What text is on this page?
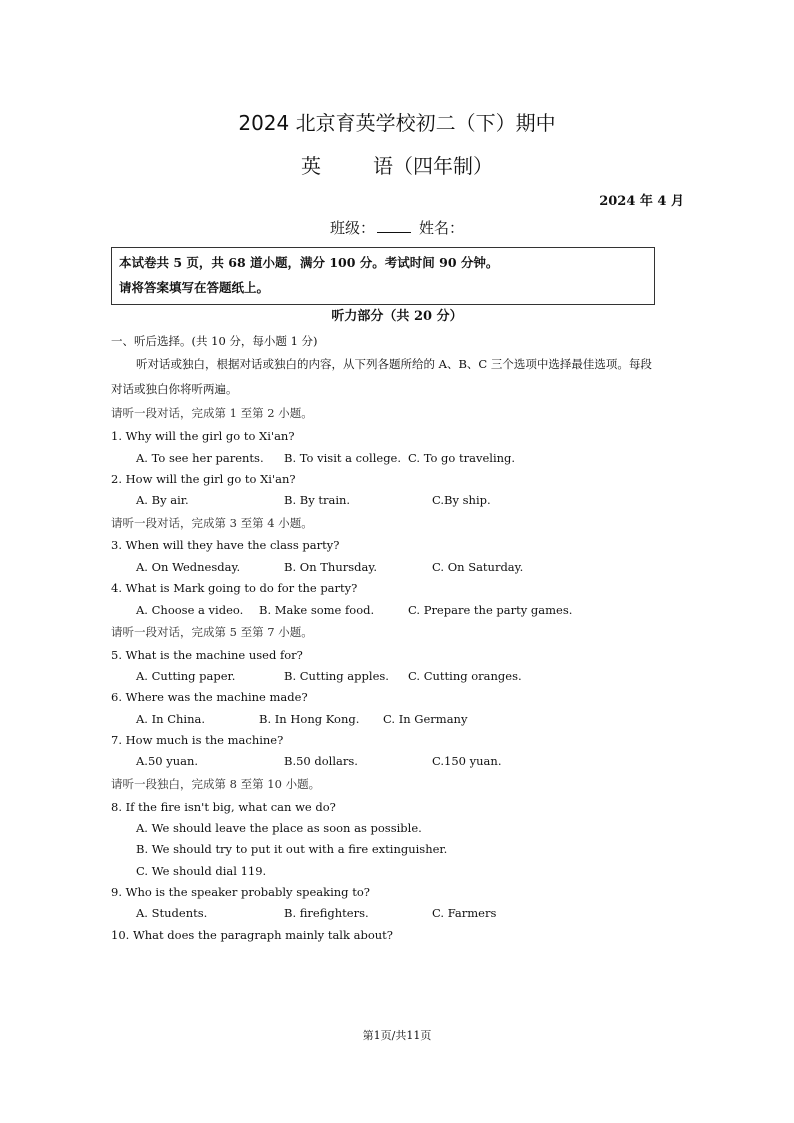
2024 北京育英学校初二（下）期中
英	语（四年制）
2024 年 4 月
班级：	姓名：
本试卷共 5 页，共 68 道小题，满分 100 分。考试时间 90 分钟。
请将答案填写在答题纸上。
听力部分（共 20 分）
一、听后选择。(共 10 分，每小题 1 分)
听对话或独白，根据对话或独白的内容，从下列各题所给的 A、B、C 三个选项中选择最佳选项。每段
对话或独白你将听两遍。
请听一段对话，完成第 1 至第 2 小题。
1. Why will the girl go to Xi'an?
A. To see her parents. B. To visit a college. C. To go traveling.
2. How will the girl go to Xi'an?
A. By air.	B. By train.	C.By ship.
请听一段对话，完成第 3 至第 4 小题。
3. When will they have the class party?
A. On Wednesday.	B. On Thursday.	C. On Saturday.
4. What is Mark going to do for the party?
A. Choose a video. B. Make some food.	C. Prepare the party games.
请听一段对话，完成第 5 至第 7 小题。
5. What is the machine used for?
A. Cutting paper.	B. Cutting apples. C. Cutting oranges.
6. Where was the machine made?
A. In China.	B. In Hong Kong. C. In Germany
7. How much is the machine?
A.50 yuan.	B.50 dollars.	C.150 yuan.
请听一段独白，完成第 8 至第 10 小题。
8. If the fire isn't big, what can we do?
A. We should leave the place as soon as possible.
B. We should try to put it out with a fire extinguisher.
C. We should dial 119.
9. Who is the speaker probably speaking to?
A. Students.	B. firefighters.	C. Farmers
10. What does the paragraph mainly talk about?
第1页/共11页
